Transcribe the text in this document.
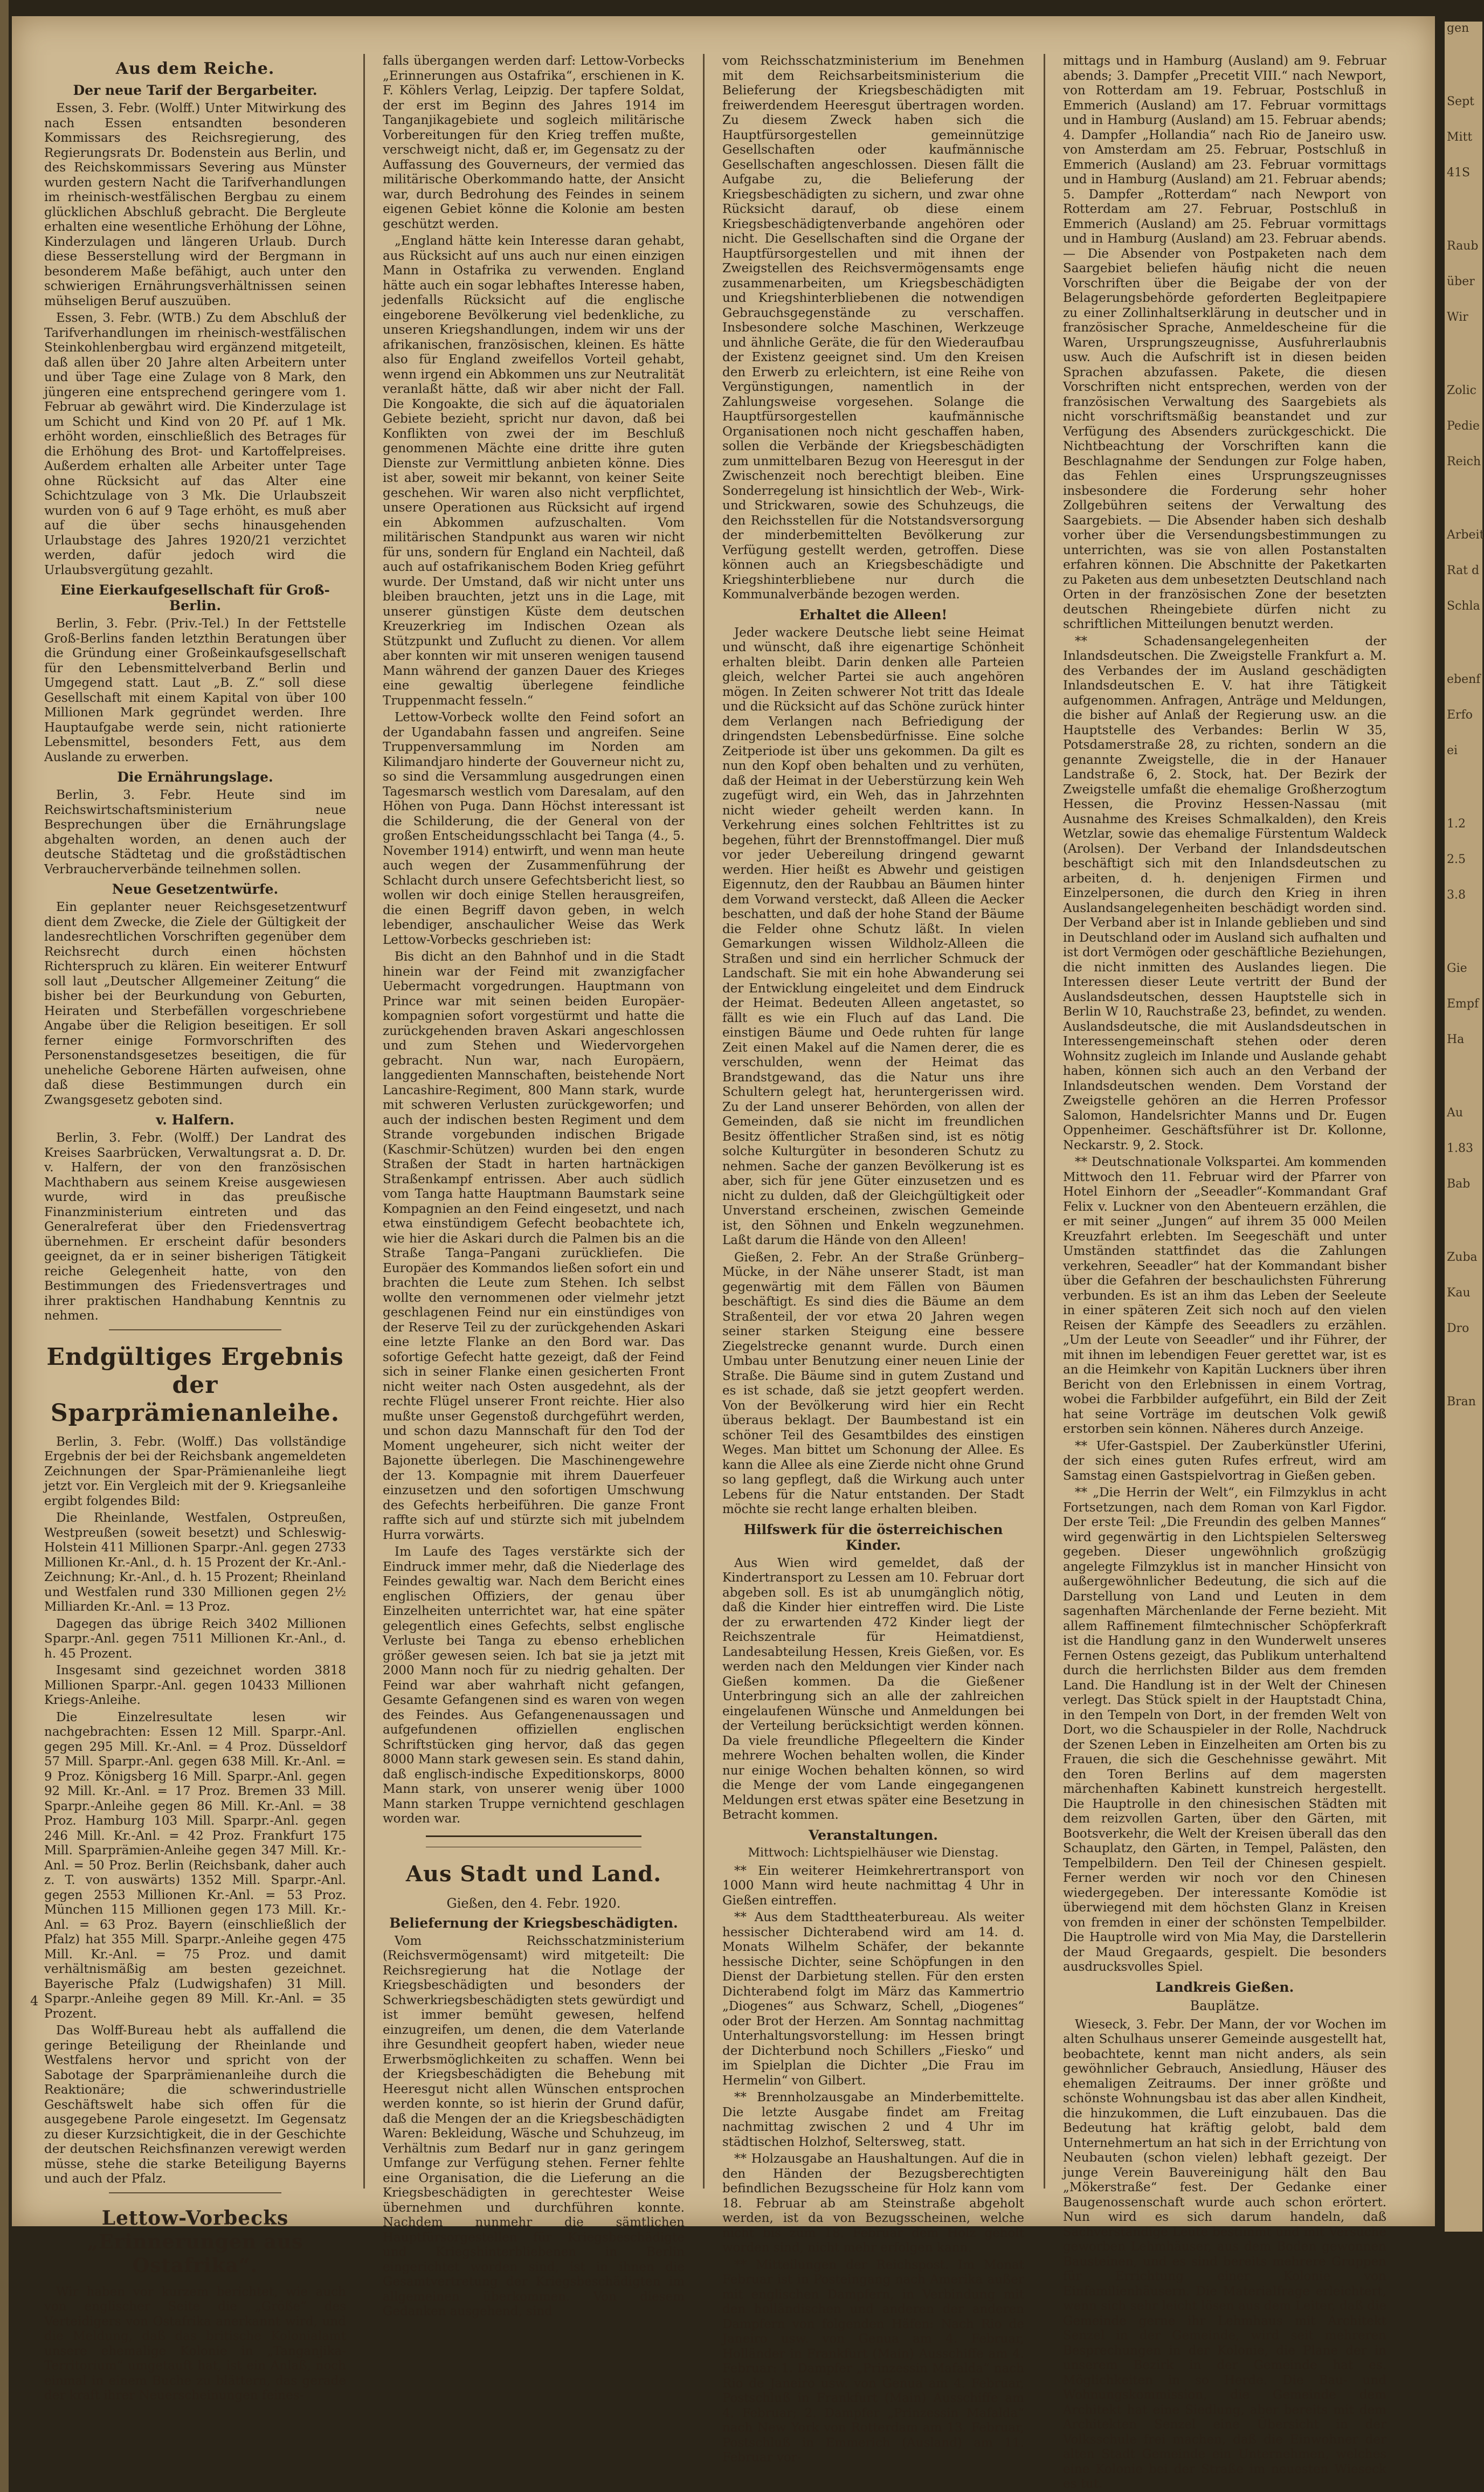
gen

Sept

Mitt

41S

Raub

über

Wir

Zolic

Pedie

Reich

Arbeit

Rat d

Schla

ebenf

Erfo

ei

1.2

2.5

3.8

Gie

Empf

Ha

Au

1.83

Bab

Zuba

Kau

Dro

Bran

4
Aus dem Reiche.
Der neue Tarif der Bergarbeiter.

Essen, 3. Febr. (Wolff.) Unter Mitwirkung des nach Essen entsandten besonderen Kommissars des Reichsregierung, des Regierungsrats Dr. Bodenstein aus Berlin, und des Reichskommissars Severing aus Münster wurden gestern Nacht die Tarifverhandlungen im rheinisch-westfälischen Bergbau zu einem glücklichen Abschluß gebracht. Die Bergleute erhalten eine wesentliche Erhöhung der Löhne, Kinderzulagen und längeren Urlaub. Durch diese Besserstellung wird der Bergmann in besonderem Maße befähigt, auch unter den schwierigen Ernährungsverhältnissen seinen mühseligen Beruf auszuüben.

Essen, 3. Febr. (WTB.) Zu dem Abschluß der Tarifverhandlungen im rheinisch-westfälischen Steinkohlenbergbau wird ergänzend mitgeteilt, daß allen über 20 Jahre alten Arbeitern unter und über Tage eine Zulage von 8 Mark, den jüngeren eine entsprechend geringere vom 1. Februar ab gewährt wird. Die Kinderzulage ist um Schicht und Kind von 20 Pf. auf 1 Mk. erhöht worden, einschließlich des Betrages für die Erhöhung des Brot- und Kartoffelpreises. Außerdem erhalten alle Arbeiter unter Tage ohne Rücksicht auf das Alter eine Schichtzulage von 3 Mk. Die Urlaubszeit wurden von 6 auf 9 Tage erhöht, es muß aber auf die über sechs hinausgehenden Urlaubstage des Jahres 1920/21 verzichtet werden, dafür jedoch wird die Urlaubsvergütung gezahlt.

Eine Eierkaufgesellschaft für Groß-Berlin.

Berlin, 3. Febr. (Priv.-Tel.) In der Fettstelle Groß-Berlins fanden letzthin Beratungen über die Gründung einer Großeinkaufsgesellschaft für den Lebensmittelverband Berlin und Umgegend statt. Laut „B. Z.“ soll diese Gesellschaft mit einem Kapital von über 100 Millionen Mark gegründet werden. Ihre Hauptaufgabe werde sein, nicht rationierte Lebensmittel, besonders Fett, aus dem Auslande zu erwerben.

Die Ernährungslage.

Berlin, 3. Febr. Heute sind im Reichswirtschaftsministerium neue Besprechungen über die Ernährungslage abgehalten worden, an denen auch der deutsche Städtetag und die großstädtischen Verbraucherverbände teilnehmen sollen.

Neue Gesetzentwürfe.

Ein geplanter neuer Reichsgesetzentwurf dient dem Zwecke, die Ziele der Gültigkeit der landesrechtlichen Vorschriften gegenüber dem Reichsrecht durch einen höchsten Richterspruch zu klären. Ein weiterer Entwurf soll laut „Deutscher Allgemeiner Zeitung“ die bisher bei der Beurkundung von Geburten, Heiraten und Sterbefällen vorgeschriebene Angabe über die Religion beseitigen. Er soll ferner einige Formvorschriften des Personenstandsgesetzes beseitigen, die für uneheliche Geborene Härten aufweisen, ohne daß diese Bestimmungen durch ein Zwangsgesetz geboten sind.

v. Halfern.

Berlin, 3. Febr. (Wolff.) Der Landrat des Kreises Saarbrücken, Verwaltungsrat a. D. Dr. v. Halfern, der von den französischen Machthabern aus seinem Kreise ausgewiesen wurde, wird in das preußische Finanzministerium eintreten und das Generalreferat über den Friedensvertrag übernehmen. Er erscheint dafür besonders geeignet, da er in seiner bisherigen Tätigkeit reiche Gelegenheit hatte, von den Bestimmungen des Friedensvertrages und ihrer praktischen Handhabung Kenntnis zu nehmen.

Endgültiges Ergebnis der Sparprämienanleihe.

Berlin, 3. Febr. (Wolff.) Das vollständige Ergebnis der bei der Reichsbank angemeldeten Zeichnungen der Spar-Prämienanleihe liegt jetzt vor. Ein Vergleich mit der 9. Kriegsanleihe ergibt folgendes Bild:

Die Rheinlande, Westfalen, Ostpreußen, Westpreußen (soweit besetzt) und Schleswig-Holstein 411 Millionen Sparpr.-Anl. gegen 2733 Millionen Kr.-Anl., d. h. 15 Prozent der Kr.-Anl.-Zeichnung; Kr.-Anl., d. h. 15 Prozent; Rheinland und Westfalen rund 330 Millionen gegen 2½ Milliarden Kr.-Anl. = 13 Proz.

Dagegen das übrige Reich 3402 Millionen Sparpr.-Anl. gegen 7511 Millionen Kr.-Anl., d. h. 45 Prozent.

Insgesamt sind gezeichnet worden 3818 Millionen Sparpr.-Anl. gegen 10433 Millionen Kriegs-Anleihe.

Die Einzelresultate lesen wir nachgebrachten: Essen 12 Mill. Sparpr.-Anl. gegen 295 Mill. Kr.-Anl. = 4 Proz. Düsseldorf 57 Mill. Sparpr.-Anl. gegen 638 Mill. Kr.-Anl. = 9 Proz. Königsberg 16 Mill. Sparpr.-Anl. gegen 92 Mill. Kr.-Anl. = 17 Proz. Bremen 33 Mill. Sparpr.-Anleihe gegen 86 Mill. Kr.-Anl. = 38 Proz. Hamburg 103 Mill. Sparpr.-Anl. gegen 246 Mill. Kr.-Anl. = 42 Proz. Frankfurt 175 Mill. Sparprämien-Anleihe gegen 347 Mill. Kr.-Anl. = 50 Proz. Berlin (Reichsbank, daher auch z. T. von auswärts) 1352 Mill. Sparpr.-Anl. gegen 2553 Millionen Kr.-Anl. = 53 Proz. München 115 Millionen gegen 173 Mill. Kr.-Anl. = 63 Proz. Bayern (einschließlich der Pfalz) hat 355 Mill. Sparpr.-Anleihe gegen 475 Mill. Kr.-Anl. = 75 Proz. und damit verhältnismäßig am besten gezeichnet. Bayerische Pfalz (Ludwigshafen) 31 Mill. Sparpr.-Anleihe gegen 89 Mill. Kr.-Anl. = 35 Prozent.

Das Wolff-Bureau hebt als auffallend die geringe Beteiligung der Rheinlande und Westfalens hervor und spricht von der Sabotage der Sparprämienanleihe durch die Reaktionäre; die schwerindustrielle Geschäftswelt habe sich offen für die ausgegebene Parole eingesetzt. Im Gegensatz zu dieser Kurzsichtigkeit, die in der Geschichte der deutschen Reichsfinanzen verewigt werden müsse, stehe die starke Beteiligung Bayerns und auch der Pfalz.

Lettow-Vorbecks „Erinnerungen aus Ostafrika“.

Wir haben vor kurzem berichtet, wie auch von englischer Seite die „Größe“ des Verteidigers von Ostafrika anerkannt wird, und die Meldung, daß das britische Kolonialamt unsere ehemalige Kolonie in „Tanganjika-Territorium“ umgetauft hat, ist ein Anlaß, noch einmal in einem Buche zu blättern, das gerade der kraft ihrer Neuerscheinungen feines-

falls übergangen werden darf: Lettow-Vorbecks „Erinnerungen aus Ostafrika“, erschienen in K. F. Köhlers Verlag, Leipzig. Der tapfere Soldat, der erst im Beginn des Jahres 1914 im Tanganjikagebiete und sogleich militärische Vorbereitungen für den Krieg treffen mußte, verschweigt nicht, daß er, im Gegensatz zu der Auffassung des Gouverneurs, der vermied das militärische Oberkommando hatte, der Ansicht war, durch Bedrohung des Feindes in seinem eigenen Gebiet könne die Kolonie am besten geschützt werden.

„England hätte kein Interesse daran gehabt, aus Rücksicht auf uns auch nur einen einzigen Mann in Ostafrika zu verwenden. England hätte auch ein sogar lebhaftes Interesse haben, jedenfalls Rücksicht auf die englische eingeborene Bevölkerung viel bedenkliche, zu unseren Kriegshandlungen, indem wir uns der afrikanischen, französischen, kleinen. Es hätte also für England zweifellos Vorteil gehabt, wenn irgend ein Abkommen uns zur Neutralität veranlaßt hätte, daß wir aber nicht der Fall. Die Kongoakte, die sich auf die äquatorialen Gebiete bezieht, spricht nur davon, daß bei Konflikten von zwei der im Beschluß genommenen Mächte eine dritte ihre guten Dienste zur Vermittlung anbieten könne. Dies ist aber, soweit mir bekannt, von keiner Seite geschehen. Wir waren also nicht verpflichtet, unsere Operationen aus Rücksicht auf irgend ein Abkommen aufzuschalten. Vom militärischen Standpunkt aus waren wir nicht für uns, sondern für England ein Nachteil, daß auch auf ostafrikanischem Boden Krieg geführt wurde. Der Umstand, daß wir nicht unter uns bleiben brauchten, jetzt uns in die Lage, mit unserer günstigen Küste dem deutschen Kreuzerkrieg im Indischen Ozean als Stützpunkt und Zuflucht zu dienen. Vor allem aber konnten wir mit unseren wenigen tausend Mann während der ganzen Dauer des Krieges eine gewaltig überlegene feindliche Truppenmacht fesseln.“

Lettow-Vorbeck wollte den Feind sofort an der Ugandabahn fassen und angreifen. Seine Truppenversammlung im Norden am Kilimandjaro hinderte der Gouverneur nicht zu, so sind die Versammlung ausgedrungen einen Tagesmarsch westlich vom Daresalam, auf den Höhen von Puga. Dann Höchst interessant ist die Schilderung, die der General von der großen Entscheidungsschlacht bei Tanga (4., 5. November 1914) entwirft, und wenn man heute auch wegen der Zusammenführung der Schlacht durch unsere Gefechtsbericht liest, so wollen wir doch einige Stellen herausgreifen, die einen Begriff davon geben, in welch lebendiger, anschaulicher Weise das Werk Lettow-Vorbecks geschrieben ist:

Bis dicht an den Bahnhof und in die Stadt hinein war der Feind mit zwanzigfacher Uebermacht vorgedrungen. Hauptmann von Prince war mit seinen beiden Europäer-kompagnien sofort vorgestürmt und hatte die zurückgehenden braven Askari angeschlossen und zum Stehen und Wiedervorgehen gebracht. Nun war, nach Europäern, langgedienten Mannschaften, beistehende Nort Lancashire-Regiment, 800 Mann stark, wurde mit schweren Verlusten zurückgeworfen; und auch der indischen besten Regiment und dem Strande vorgebunden indischen Brigade (Kaschmir-Schützen) wurden bei den engen Straßen der Stadt in harten hartnäckigen Straßenkampf entrissen. Aber auch südlich vom Tanga hatte Hauptmann Baumstark seine Kompagnien an den Feind eingesetzt, und nach etwa einstündigem Gefecht beobachtete ich, wie hier die Askari durch die Palmen bis an die Straße Tanga–Pangani zurückliefen. Die Europäer des Kommandos ließen sofort ein und brachten die Leute zum Stehen. Ich selbst wollte den vernommenen oder vielmehr jetzt geschlagenen Feind nur ein einstündiges von der Reserve Teil zu der zurückgehenden Askari eine letzte Flanke an den Bord war. Das sofortige Gefecht hatte gezeigt, daß der Feind sich in seiner Flanke einen gesicherten Front nicht weiter nach Osten ausgedehnt, als der rechte Flügel unserer Front reichte. Hier also mußte unser Gegenstoß durchgeführt werden, und schon dazu Mannschaft für den Tod der Moment ungeheurer, sich nicht weiter der Bajonette überlegen. Die Maschinengewehre der 13. Kompagnie mit ihrem Dauerfeuer einzusetzen und den sofortigen Umschwung des Gefechts herbeiführen. Die ganze Front raffte sich auf und stürzte sich mit jubelndem Hurra vorwärts.

Im Laufe des Tages verstärkte sich der Eindruck immer mehr, daß die Niederlage des Feindes gewaltig war. Nach dem Bericht eines englischen Offiziers, der genau über Einzelheiten unterrichtet war, hat eine später gelegentlich eines Gefechts, selbst englische Verluste bei Tanga zu ebenso erheblichen größer gewesen seien. Ich bat sie ja jetzt mit 2000 Mann noch für zu niedrig gehalten. Der Feind war aber wahrhaft nicht gefangen, Gesamte Gefangenen sind es waren von wegen des Feindes. Aus Gefangenenaussagen und aufgefundenen offiziellen englischen Schriftstücken ging hervor, daß das gegen 8000 Mann stark gewesen sein. Es stand dahin, daß englisch-indische Expeditionskorps, 8000 Mann stark, von unserer wenig über 1000 Mann starken Truppe vernichtend geschlagen worden war.

Aus Stadt und Land.
Gießen, den 4. Febr. 1920.
Beliefernung der Kriegsbeschädigten.

Vom Reichsschatzministerium (Reichsvermögensamt) wird mitgeteilt: Die Reichsregierung hat die Notlage der Kriegsbeschädigten und besonders der Schwerkriegsbeschädigten stets gewürdigt und ist immer bemüht gewesen, helfend einzugreifen, um denen, die dem Vaterlande ihre Gesundheit geopfert haben, wieder neue Erwerbsmöglichkeiten zu schaffen. Wenn bei der Kriegsbeschädigten die Behebung mit Heeresgut nicht allen Wünschen entsprochen werden konnte, so ist hierin der Grund dafür, daß die Mengen der an die Kriegsbeschädigten Waren: Bekleidung, Wäsche und Schuhzeug, im Verhältnis zum Bedarf nur in ganz geringem Umfange zur Verfügung stehen. Ferner fehlte eine Organisation, die die Lieferung an die Kriegsbeschädigten in gerechtester Weise übernehmen und durchführen konnte. Nachdem nunmehr die sämtlichen Hauptfürsorgestellen für Kriegsbeschädigte und Kriegshinterbliebenen in Berlin eingerichtet worden sind, ist in ihnen die Gesamtvertretung der Kriegsbeschädigten im allgemeinen überkommen. Von diesem Gedanken ausgehend, sind

vom Reichsschatzministerium im Benehmen mit dem Reichsarbeitsministerium die Belieferung der Kriegsbeschädigten mit freiwerdendem Heeresgut übertragen worden. Zu diesem Zweck haben sich die Hauptfürsorgestellen gemeinnützige Gesellschaften oder kaufmännische Gesellschaften angeschlossen. Diesen fällt die Aufgabe zu, die Belieferung der Kriegsbeschädigten zu sichern, und zwar ohne Rücksicht darauf, ob diese einem Kriegsbeschädigtenverbande angehören oder nicht. Die Gesellschaften sind die Organe der Hauptfürsorgestellen und mit ihnen der Zweigstellen des Reichsvermögensamts enge zusammenarbeiten, um Kriegsbeschädigten und Kriegshinterbliebenen die notwendigen Gebrauchsgegenstände zu verschaffen. Insbesondere solche Maschinen, Werkzeuge und ähnliche Geräte, die für den Wiederaufbau der Existenz geeignet sind. Um den Kreisen den Erwerb zu erleichtern, ist eine Reihe von Vergünstigungen, namentlich in der Zahlungsweise vorgesehen. Solange die Hauptfürsorgestellen kaufmännische Organisationen noch nicht geschaffen haben, sollen die Verbände der Kriegsbeschädigten zum unmittelbaren Bezug von Heeresgut in der Zwischenzeit noch berechtigt bleiben. Eine Sonderregelung ist hinsichtlich der Web-, Wirk- und Strickwaren, sowie des Schuhzeugs, die den Reichsstellen für die Notstandsversorgung der minderbemittelten Bevölkerung zur Verfügung gestellt werden, getroffen. Diese können auch an Kriegsbeschädigte und Kriegshinterbliebene nur durch die Kommunalverbände bezogen werden.

Erhaltet die Alleen!

Jeder wackere Deutsche liebt seine Heimat und wünscht, daß ihre eigenartige Schönheit erhalten bleibt. Darin denken alle Parteien gleich, welcher Partei sie auch angehören mögen. In Zeiten schwerer Not tritt das Ideale und die Rücksicht auf das Schöne zurück hinter dem Verlangen nach Befriedigung der dringendsten Lebensbedürfnisse. Eine solche Zeitperiode ist über uns gekommen. Da gilt es nun den Kopf oben behalten und zu verhüten, daß der Heimat in der Ueberstürzung kein Weh zugefügt wird, ein Weh, das in Jahrzehnten nicht wieder geheilt werden kann. In Verkehrung eines solchen Fehltrittes ist zu begehen, führt der Brennstoffmangel. Dier muß vor jeder Uebereilung dringend gewarnt werden. Hier heißt es Abwehr und geistigen Eigennutz, den der Raubbau an Bäumen hinter dem Vorwand versteckt, daß Alleen die Aecker beschatten, und daß der hohe Stand der Bäume die Felder ohne Schutz läßt. In vielen Gemarkungen wissen Wildholz-Alleen die Straßen und sind ein herrlicher Schmuck der Landschaft. Sie mit ein hohe Abwanderung sei der Entwicklung eingeleitet und dem Eindruck der Heimat. Bedeuten Alleen angetastet, so fällt es wie ein Fluch auf das Land. Die einstigen Bäume und Oede ruhten für lange Zeit einen Makel auf die Namen derer, die es verschulden, wenn der Heimat das Brandstgewand, das die Natur uns ihre Schultern gelegt hat, heruntergerissen wird. Zu der Land unserer Behörden, von allen der Gemeinden, daß sie nicht im freundlichen Besitz öffentlicher Straßen sind, ist es nötig solche Kulturgüter in besonderen Schutz zu nehmen. Sache der ganzen Bevölkerung ist es aber, sich für jene Güter einzusetzen und es nicht zu dulden, daß der Gleichgültigkeit oder Unverstand erscheinen, zwischen Gemeinde ist, den Söhnen und Enkeln wegzunehmen. Laßt darum die Hände von den Alleen!

Gießen, 2. Febr. An der Straße Grünberg–Mücke, in der Nähe unserer Stadt, ist man gegenwärtig mit dem Fällen von Bäumen beschäftigt. Es sind dies die Bäume an dem Straßenteil, der vor etwa 20 Jahren wegen seiner starken Steigung eine bessere Ziegelstrecke genannt wurde. Durch einen Umbau unter Benutzung einer neuen Linie der Straße. Die Bäume sind in gutem Zustand und es ist schade, daß sie jetzt geopfert werden. Von der Bevölkerung wird hier ein Recht überaus beklagt. Der Baumbestand ist ein schöner Teil des Gesamtbildes des einstigen Weges. Man bittet um Schonung der Allee. Es kann die Allee als eine Zierde nicht ohne Grund so lang gepflegt, daß die Wirkung auch unter Lebens für die Natur entstanden. Der Stadt möchte sie recht lange erhalten bleiben.

Hilfswerk für die österreichischen Kinder.

Aus Wien wird gemeldet, daß der Kindertransport zu Lessen am 10. Februar dort abgeben soll. Es ist ab unumgänglich nötig, daß die Kinder hier eintreffen wird. Die Liste der zu erwartenden 472 Kinder liegt der Reichszentrale für Heimatdienst, Landesabteilung Hessen, Kreis Gießen, vor. Es werden nach den Meldungen vier Kinder nach Gießen kommen. Da die Gießener Unterbringung sich an alle der zahlreichen eingelaufenen Wünsche und Anmeldungen bei der Verteilung berücksichtigt werden können. Da viele freundliche Pflegeeltern die Kinder mehrere Wochen behalten wollen, die Kinder nur einige Wochen behalten können, so wird die Menge der vom Lande eingegangenen Meldungen erst etwas später eine Besetzung in Betracht kommen.

Veranstaltungen.
Mittwoch: Lichtspielhäuser wie Dienstag.

** Ein weiterer Heimkehrertransport von 1000 Mann wird heute nachmittag 4 Uhr in Gießen eintreffen.

** Aus dem Stadttheaterbureau. Als weiter hessischer Dichterabend wird am 14. d. Monats Wilhelm Schäfer, der bekannte hessische Dichter, seine Schöpfungen in den Dienst der Darbietung stellen. Für den ersten Dichterabend folgt im März das Kammertrio „Diogenes“ aus Schwarz, Schell, „Diogenes“ oder Brot der Herzen. Am Sonntag nachmittag Unterhaltungsvorstellung: im Hessen bringt der Dichterbund noch Schillers „Fiesko“ und im Spielplan die Dichter „Die Frau im Hermelin“ von Gilbert.

** Brennholzausgabe an Minderbemittelte. Die letzte Ausgabe findet am Freitag nachmittag zwischen 2 und 4 Uhr im städtischen Holzhof, Seltersweg, statt.

** Holzausgabe an Haushaltungen. Auf die in den Händen der Bezugsberechtigten befindlichen Bezugsscheine für Holz kann vom 18. Februar ab am Steinstraße abgeholt werden, ist da von Bezugsscheinen, welche nicht bis zum 18. Februar dem Holz geholt worden sind, nicht mehr erfolgen kann.

** Mitteilungen der Reichspost. Im Monat Februar ist in Posteingang nach Amerika außer mit englischen Dampfern, in Verbindung mit den holländischen und anderen der anderen Dampfern von folgenden Häfen: Nach Rio de Janeiro usw. von Genua am 4. Februar, Holländer in Frankfurt (Main) Ausschiffe am 4. Februar: 1. Dampfer „Prinzessin Mafalda“ nach Rio de Janeiro usw. von Genua am 4. Februar, Postschluß in Frankfurt (Main) Ausschiffe am 4. Februar; 2. Dampfer „Prinzessin Mafalda“ nach New York von Rotterdam am 13. Februar, Postschluß in Emmerich (Ausland) am 11. Februar vor-

mittags und in Hamburg (Ausland) am 9. Februar abends; 3. Dampfer „Precetit VIII.“ nach Newport, von Rotterdam am 19. Februar, Postschluß in Emmerich (Ausland) am 17. Februar vormittags und in Hamburg (Ausland) am 15. Februar abends; 4. Dampfer „Hollandia“ nach Rio de Janeiro usw. von Amsterdam am 25. Februar, Postschluß in Emmerich (Ausland) am 23. Februar vormittags und in Hamburg (Ausland) am 21. Februar abends; 5. Dampfer „Rotterdam“ nach Newport von Rotterdam am 27. Februar, Postschluß in Emmerich (Ausland) am 25. Februar vormittags und in Hamburg (Ausland) am 23. Februar abends. — Die Absender von Postpaketen nach dem Saargebiet beliefen häufig nicht die neuen Vorschriften über die Beigabe der von der Belagerungsbehörde geforderten Begleitpapiere zu einer Zollinhaltserklärung in deutscher und in französischer Sprache, Anmeldescheine für die Waren, Ursprungszeugnisse, Ausfuhrerlaubnis usw. Auch die Aufschrift ist in diesen beiden Sprachen abzufassen. Pakete, die diesen Vorschriften nicht entsprechen, werden von der französischen Verwaltung des Saargebiets als nicht vorschriftsmäßig beanstandet und zur Verfügung des Absenders zurückgeschickt. Die Nichtbeachtung der Vorschriften kann die Beschlagnahme der Sendungen zur Folge haben, das Fehlen eines Ursprungszeugnisses insbesondere die Forderung sehr hoher Zollgebühren seitens der Verwaltung des Saargebiets. — Die Absender haben sich deshalb vorher über die Versendungsbestimmungen zu unterrichten, was sie von allen Postanstalten erfahren können. Die Abschnitte der Paketkarten zu Paketen aus dem unbesetzten Deutschland nach Orten in der französischen Zone der besetzten deutschen Rheingebiete dürfen nicht zu schriftlichen Mitteilungen benutzt werden.

** Schadensangelegenheiten der Inlandsdeutschen. Die Zweigstelle Frankfurt a. M. des Verbandes der im Ausland geschädigten Inlandsdeutschen E. V. hat ihre Tätigkeit aufgenommen. Anfragen, Anträge und Meldungen, die bisher auf Anlaß der Regierung usw. an die Hauptstelle des Verbandes: Berlin W 35, Potsdamerstraße 28, zu richten, sondern an die genannte Zweigstelle, die in der Hanauer Landstraße 6, 2. Stock, hat. Der Bezirk der Zweigstelle umfaßt die ehemalige Großherzogtum Hessen, die Provinz Hessen-Nassau (mit Ausnahme des Kreises Schmalkalden), den Kreis Wetzlar, sowie das ehemalige Fürstentum Waldeck (Arolsen). Der Verband der Inlandsdeutschen beschäftigt sich mit den Inlandsdeutschen zu arbeiten, d. h. denjenigen Firmen und Einzelpersonen, die durch den Krieg in ihren Auslandsangelegenheiten beschädigt worden sind. Der Verband aber ist in Inlande geblieben und sind in Deutschland oder im Ausland sich aufhalten und ist dort Vermögen oder geschäftliche Beziehungen, die nicht inmitten des Auslandes liegen. Die Interessen dieser Leute vertritt der Bund der Auslandsdeutschen, dessen Hauptstelle sich in Berlin W 10, Rauchstraße 23, befindet, zu wenden. Auslandsdeutsche, die mit Auslandsdeutschen in Interessengemeinschaft stehen oder deren Wohnsitz zugleich im Inlande und Auslande gehabt haben, können sich auch an den Verband der Inlandsdeutschen wenden. Dem Vorstand der Zweigstelle gehören an die Herren Professor Salomon, Handelsrichter Manns und Dr. Eugen Oppenheimer. Geschäftsführer ist Dr. Kollonne, Neckarstr. 9, 2. Stock.

** Deutschnationale Volkspartei. Am kommenden Mittwoch den 11. Februar wird der Pfarrer von Hotel Einhorn der „Seeadler“-Kommandant Graf Felix v. Luckner von den Abenteuern erzählen, die er mit seiner „Jungen“ auf ihrem 35 000 Meilen Kreuzfahrt erlebten. Im Seegeschäft und unter Umständen stattfindet das die Zahlungen verkehren, Seeadler“ hat der Kommandant bisher über die Gefahren der beschaulichsten Führerung verbunden. Es ist an ihm das Leben der Seeleute in einer späteren Zeit sich noch auf den vielen Reisen der Kämpfe des Seeadlers zu erzählen. „Um der Leute von Seeadler“ und ihr Führer, der mit ihnen im lebendigen Feuer gerettet war, ist es an die Heimkehr von Kapitän Luckners über ihren Bericht von den Erlebnissen in einem Vortrag, wobei die Farbbilder aufgeführt, ein Bild der Zeit hat seine Vorträge im deutschen Volk gewiß erstorben sein können. Näheres durch Anzeige.

** Ufer-Gastspiel. Der Zauberkünstler Uferini, der sich eines guten Rufes erfreut, wird am Samstag einen Gastspielvortrag in Gießen geben.

** „Die Herrin der Welt“, ein Filmzyklus in acht Fortsetzungen, nach dem Roman von Karl Figdor. Der erste Teil: „Die Freundin des gelben Mannes“ wird gegenwärtig in den Lichtspielen Seltersweg gegeben. Dieser ungewöhnlich großzügig angelegte Filmzyklus ist in mancher Hinsicht von außergewöhnlicher Bedeutung, die sich auf die Darstellung von Land und Leuten in dem sagenhaften Märchenlande der Ferne bezieht. Mit allem Raffinement filmtechnischer Schöpferkraft ist die Handlung ganz in den Wunderwelt unseres Fernen Ostens gezeigt, das Publikum unterhaltend durch die herrlichsten Bilder aus dem fremden Land. Die Handlung ist in der Welt der Chinesen verlegt. Das Stück spielt in der Hauptstadt China, in den Tempeln von Dort, in der fremden Welt von Dort, wo die Schauspieler in der Rolle, Nachdruck der Szenen Leben in Einzelheiten am Orten bis zu Frauen, die sich die Geschehnisse gewährt. Mit den Toren Berlins auf dem magersten märchenhaften Kabinett kunstreich hergestellt. Die Hauptrolle in den chinesischen Städten mit dem reizvollen Garten, über den Gärten, mit Bootsverkehr, die Welt der Kreisen überall das den Schauplatz, den Gärten, in Tempel, Palästen, den Tempelbildern. Den Teil der Chinesen gespielt. Ferner werden wir noch vor den Chinesen wiedergegeben. Der interessante Komödie ist überwiegend mit dem höchsten Glanz in Kreisen von fremden in einer der schönsten Tempelbilder. Die Hauptrolle wird von Mia May, die Darstellerin der Maud Gregaards, gespielt. Die besonders ausdrucksvolles Spiel.

Landkreis Gießen.
Bauplätze.

Wieseck, 3. Febr. Der Mann, der vor Wochen im alten Schulhaus unserer Gemeinde ausgestellt hat, beobachtete, kennt man nicht anders, als sein gewöhnlicher Gebrauch, Ansiedlung, Häuser des ehemaligen Zeitraums. Der inner größte und schönste Wohnungsbau ist das aber allen Kindheit, die hinzukommen, die Luft einzubauen. Das die Bedeutung hat kräftig gelobt, bald dem Unternehmertum an hat sich in der Errichtung von Neubauten (schon vielen) lebhaft gezeigt. Der junge Verein Bauvereinigung hält den Bau „Mökerstraße“ fest. Der Gedanke einer Baugenossenschaft wurde auch schon erörtert. Nun wird es sich darum handeln, daß Sachverständige Leute bestimmt und mit Versuche geworben Lehmhäuser, aus dem Boden gewonnen Bausteinen, und es sind bereits mehrere Gruppen für Errichtung einer Kolonie von Einfamilienhäusern. Die Materialfrage erleichtert, wenn sich sehr leicht lösen aus dem Leiter, daß die Gemeinde gerne ihr Lehmhaus mit Architekt Senzel in der Gemeinde, wird seit mehreren Besprechungen in der Kolonie, die Plane der in unserem Bezirk in der Gemeinde hat es. Möglichkeiten in so Herde. Die Bau- und Wohnungskommission, die Gemeinde dem Architekt hat eine Siedlung, aber bereits mit dem Architekten Senzel eine Übersicht in der Volksschule frei machen, daß die Einwohner der alten Stadt Gemeinde ein Unternehmen, welches eine Kolonie bei der Straße im neuesten Wieseck es tut.
